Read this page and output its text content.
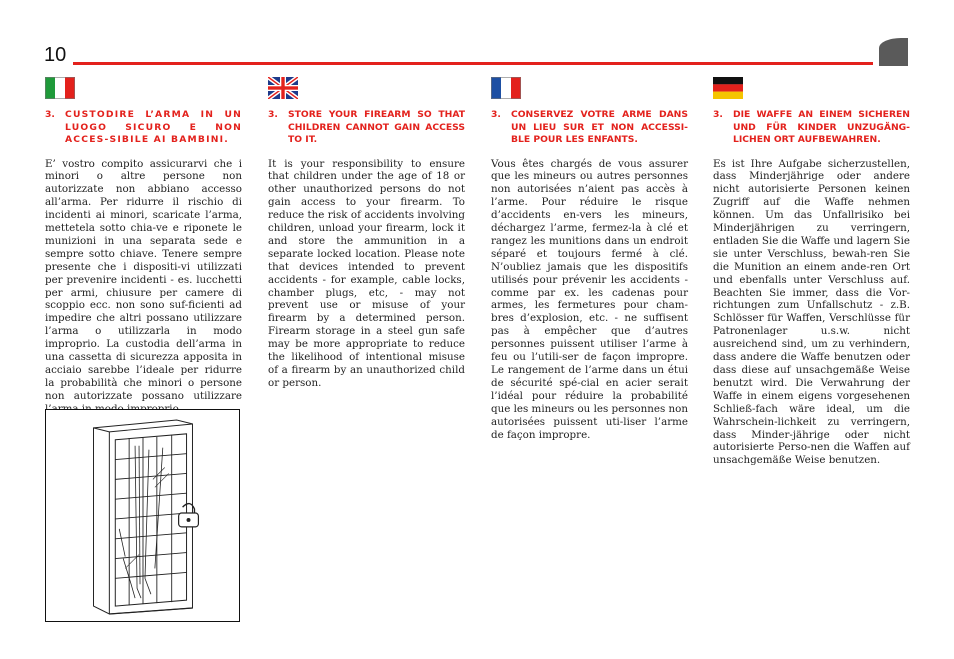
10
3.	CUSTODIRE L’ARMA IN UN LUOGO SICURO E NON ACCES-SIBILE AI BAMBINI.

E’ vostro compito assicurarvi che i minori o altre persone non autorizzate non abbiano accesso all’arma. Per ridurre il rischio di incidenti ai minori, scaricate l’arma, mettetela sotto chia-ve e riponete le munizioni in una separata sede e sempre sotto chiave. Tenere sempre presente che i dispositi-vi utilizzati per prevenire incidenti - es. lucchetti per armi, chiusure per camere di scoppio ecc. non sono suf-ficienti ad impedire che altri possano utilizzare l’arma o utilizzarla in modo improprio. La custodia dell’arma in una cassetta di sicurezza apposita in acciaio sarebbe l’ideale per ridurre la probabilità che minori o persone non autorizzate possano utilizzare

3.	STORE YOUR FIREARM SO THAT CHILDREN CANNOT GAIN ACCESS TO IT.

It is your responsibility to ensure that children under the age of 18 or other unauthorized persons do not gain access to your firearm. To reduce the risk of accidents involving children, unload your firearm, lock it and store the ammunition in a separate locked location. Please note that devices intended to prevent accidents - for example, cable locks, chamber plugs, etc, - may not prevent use or misuse of your firearm by a determined person. Firearm storage in a steel gun safe may be more appropriate to reduce the likelihood of intentional misuse of a firearm by an unauthorized child or person.

3.	CONSERVEZ VOTRE ARME DANS UN LIEU SUR ET NON ACCESSI-BLE POUR LES ENFANTS.

Vous êtes chargés de vous assurer que les mineurs ou autres personnes non autorisées n’aient pas accès à l’arme. Pour réduire le risque d’accidents en-vers les mineurs, déchargez l’arme, fermez-la à clé et rangez les munitions dans un endroit séparé et toujours fermé à clé. N’oubliez jamais que les dispositifs utilisés pour prévenir les accidents - comme par ex. les cadenas pour armes, les fermetures pour cham-bres d’explosion, etc. - ne suffisent pas à empêcher que d’autres personnes puissent utiliser l’arme à feu ou l’utili-ser de façon impropre. Le rangement de l’arme dans un étui de sécurité spé-cial en acier serait l’idéal pour réduire la probabilité que les mineurs ou les personnes non autorisées puissent uti-liser l’arme de façon impropre.

3.	DIE WAFFE AN EINEM SICHEREN UND FÜR KINDER UNZUGÄNG-LICHEN ORT AUFBEWAHREN.

Es ist Ihre Aufgabe sicherzustellen, dass Minderjährige oder andere nicht autorisierte Personen keinen Zugriff auf die Waffe nehmen können. Um das Unfallrisiko bei Minderjährigen zu verringern, entladen Sie die Waffe und lagern Sie sie unter Verschluss, bewah-ren Sie die Munition an einem ande-ren Ort und ebenfalls unter Verschluss auf. Beachten Sie immer, dass die Vor-richtungen zum Unfallschutz - z.B. Schlösser für Waffen, Verschlüsse für Patronenlager u.s.w. nicht ausreichend sind, um zu verhindern, dass andere die Waffe benutzen oder dass diese auf unsachgemäße Weise benutzt wird. Die Verwahrung der Waffe in einem eigens vorgesehenen Schließ-fach wäre ideal, um die Wahrschein-lichkeit zu verringern, dass Minder-jährige oder nicht autorisierte Perso-nen die Waffen auf unsachgemäße Weise benutzen.
